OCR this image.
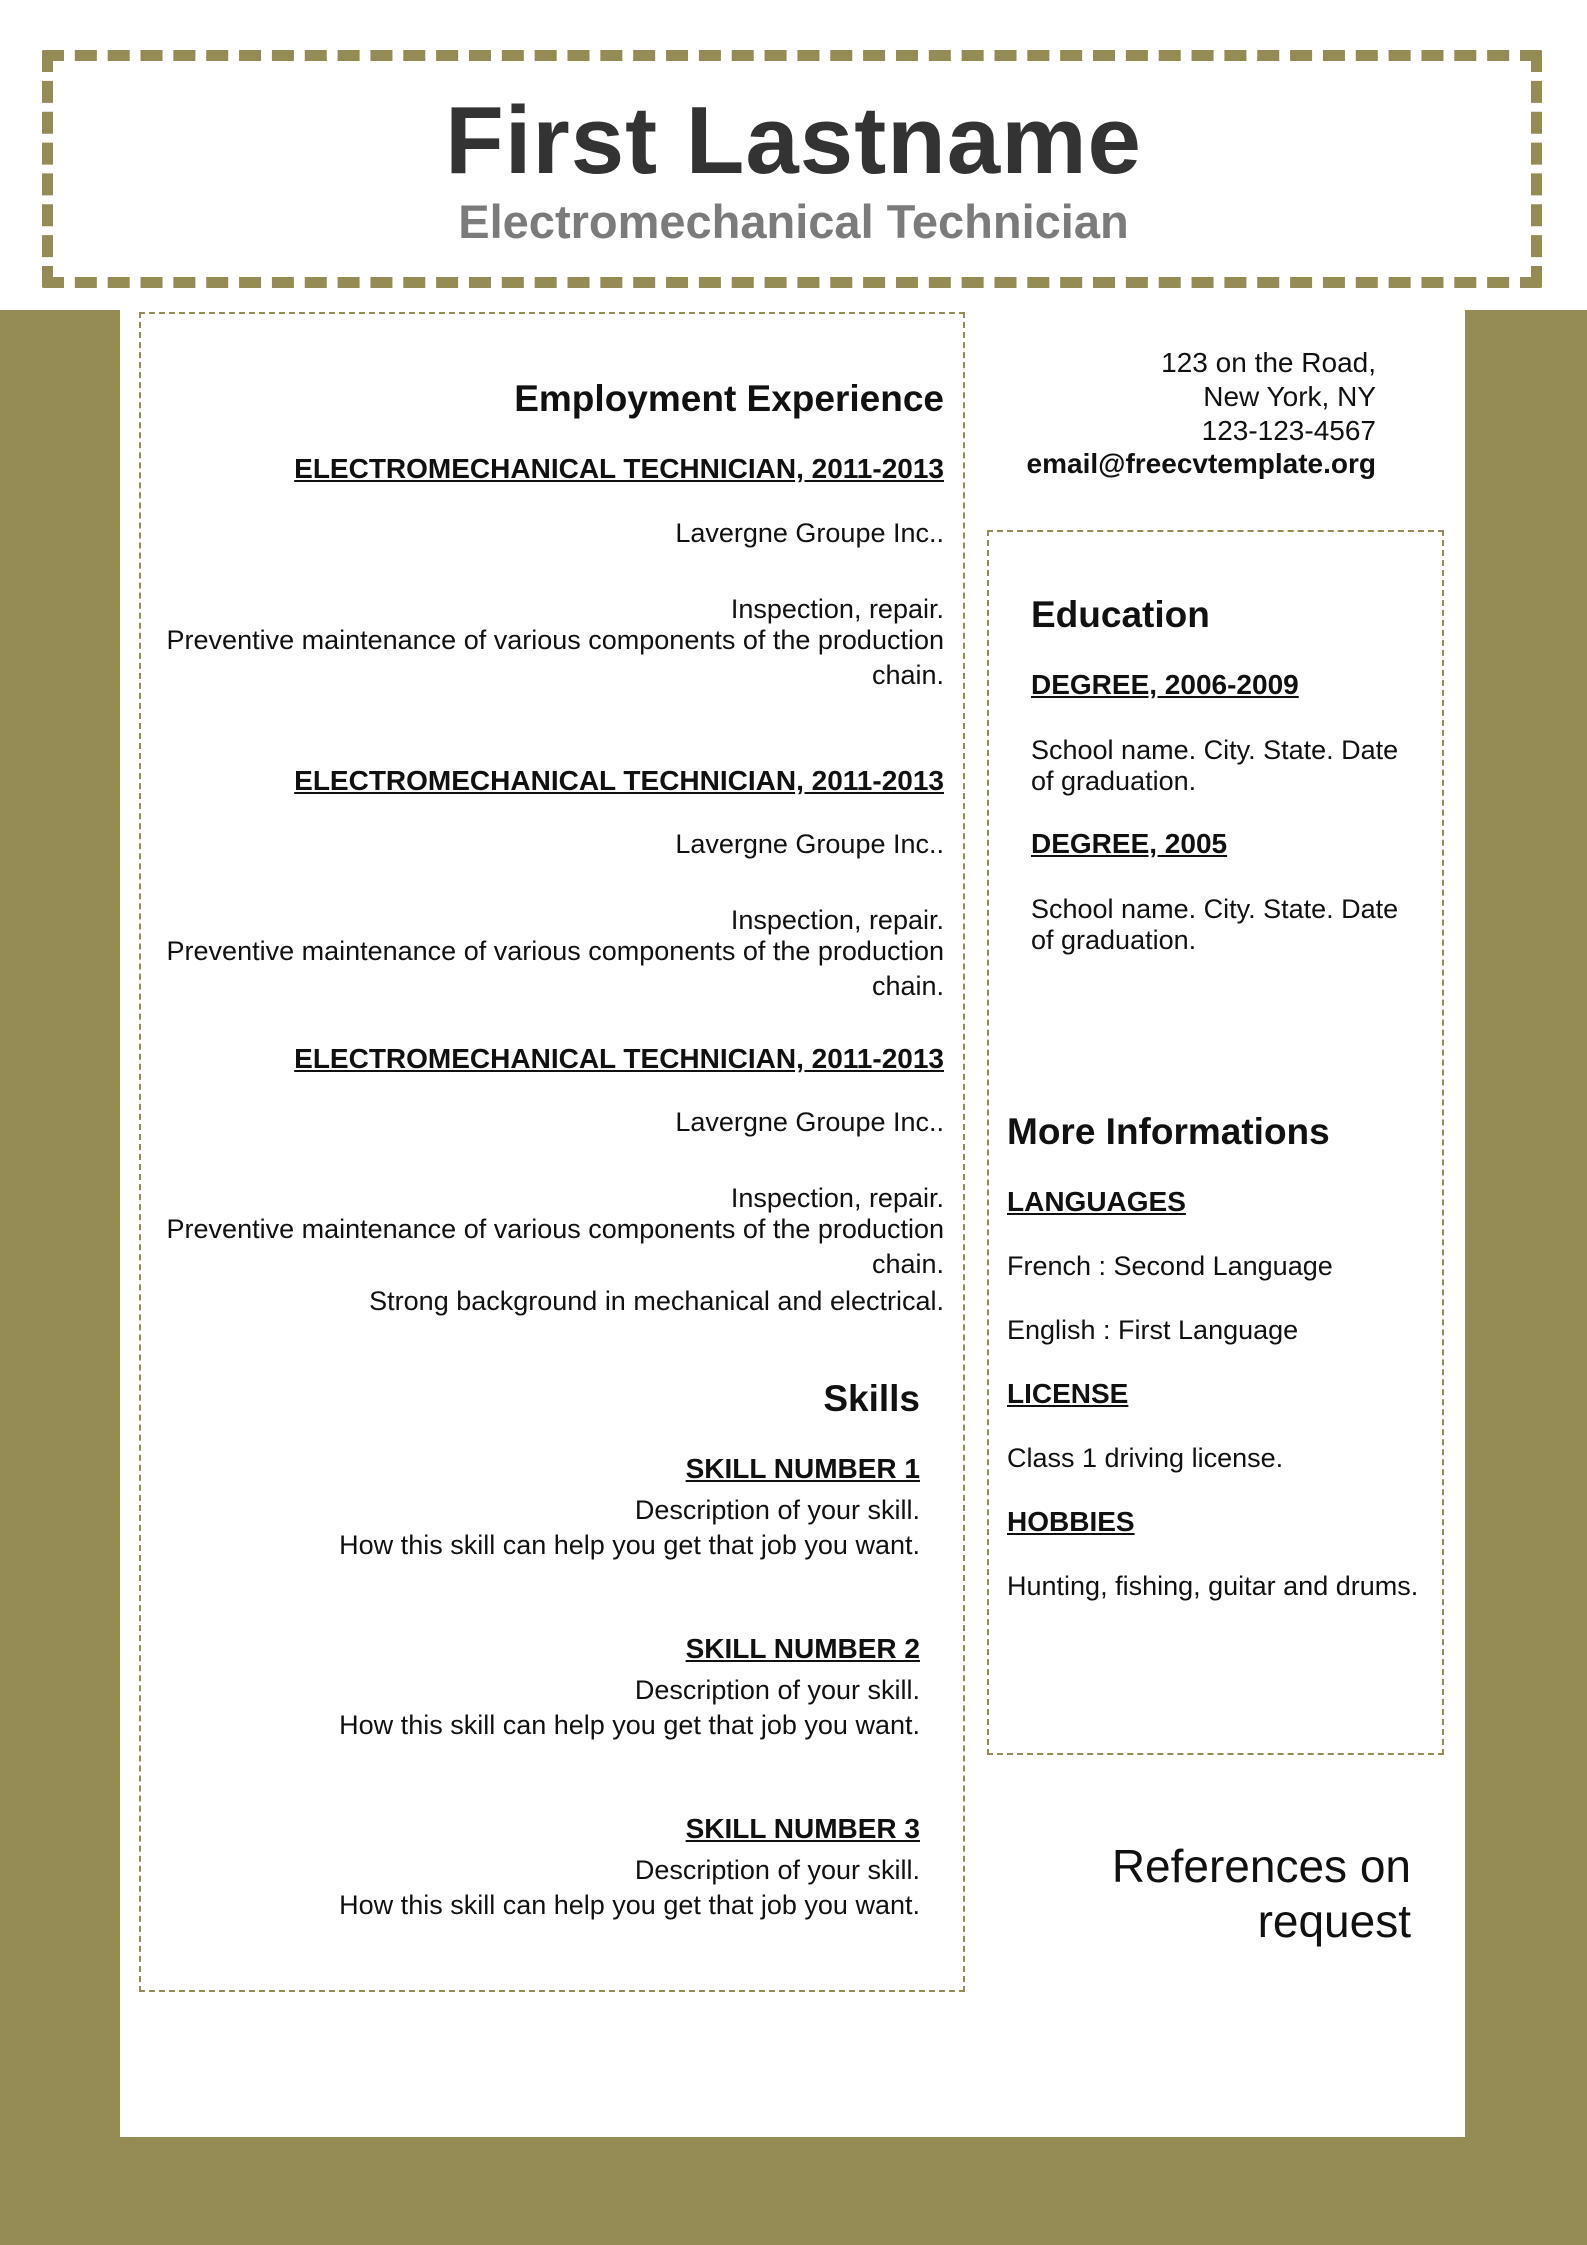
First Lastname
Electromechanical Technician
Employment Experience
ELECTROMECHANICAL TECHNICIAN, 2011-2013
Lavergne Groupe Inc..
Inspection, repair.
Preventive maintenance of various components of the production
chain.
ELECTROMECHANICAL TECHNICIAN, 2011-2013
Lavergne Groupe Inc..
Inspection, repair.
Preventive maintenance of various components of the production
chain.
ELECTROMECHANICAL TECHNICIAN, 2011-2013
Lavergne Groupe Inc..
Inspection, repair.
Preventive maintenance of various components of the production
chain.
Strong background in mechanical and electrical.
Skills
SKILL NUMBER 1
Description of your skill.
How this skill can help you get that job you want.
SKILL NUMBER 2
Description of your skill.
How this skill can help you get that job you want.
SKILL NUMBER 3
Description of your skill.
How this skill can help you get that job you want.
123 on the Road,
New York, NY
123-123-4567
email@freecvtemplate.org
Education
DEGREE, 2006-2009
School name. City. State. Date
of graduation.
DEGREE, 2005
School name. City. State. Date
of graduation.
More Informations
LANGUAGES
French : Second Language
English : First Language
LICENSE
Class 1 driving license.
HOBBIES
Hunting, fishing, guitar and drums.
References on
request
